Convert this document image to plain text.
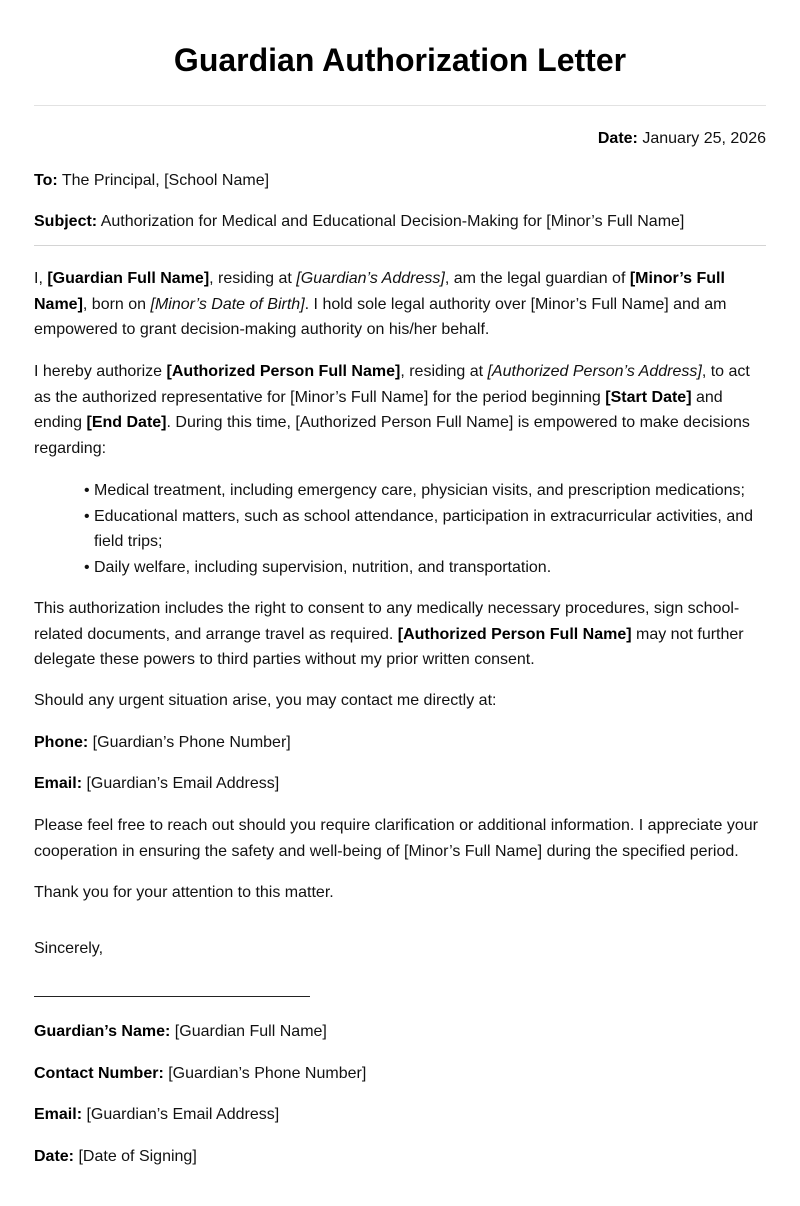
Guardian Authorization Letter
Date: January 25, 2026
To: The Principal, [School Name]
Subject: Authorization for Medical and Educational Decision-Making for [Minor’s Full Name]
I, [Guardian Full Name], residing at [Guardian’s Address], am the legal guardian of [Minor’s Full Name], born on [Minor’s Date of Birth]. I hold sole legal authority over [Minor’s Full Name] and am empowered to grant decision-making authority on his/her behalf.
I hereby authorize [Authorized Person Full Name], residing at [Authorized Person’s Address], to act as the authorized representative for [Minor’s Full Name] for the period beginning [Start Date] and ending [End Date]. During this time, [Authorized Person Full Name] is empowered to make decisions regarding:
• Medical treatment, including emergency care, physician visits, and prescription medications;
• Educational matters, such as school attendance, participation in extracurricular activities, and field trips;
• Daily welfare, including supervision, nutrition, and transportation.
This authorization includes the right to consent to any medically necessary procedures, sign school-related documents, and arrange travel as required. [Authorized Person Full Name] may not further delegate these powers to third parties without my prior written consent.
Should any urgent situation arise, you may contact me directly at:
Phone: [Guardian’s Phone Number]
Email: [Guardian’s Email Address]
Please feel free to reach out should you require clarification or additional information. I appreciate your cooperation in ensuring the safety and well-being of [Minor’s Full Name] during the specified period.
Thank you for your attention to this matter.
Sincerely,
Guardian’s Name: [Guardian Full Name]
Contact Number: [Guardian’s Phone Number]
Email: [Guardian’s Email Address]
Date: [Date of Signing]
